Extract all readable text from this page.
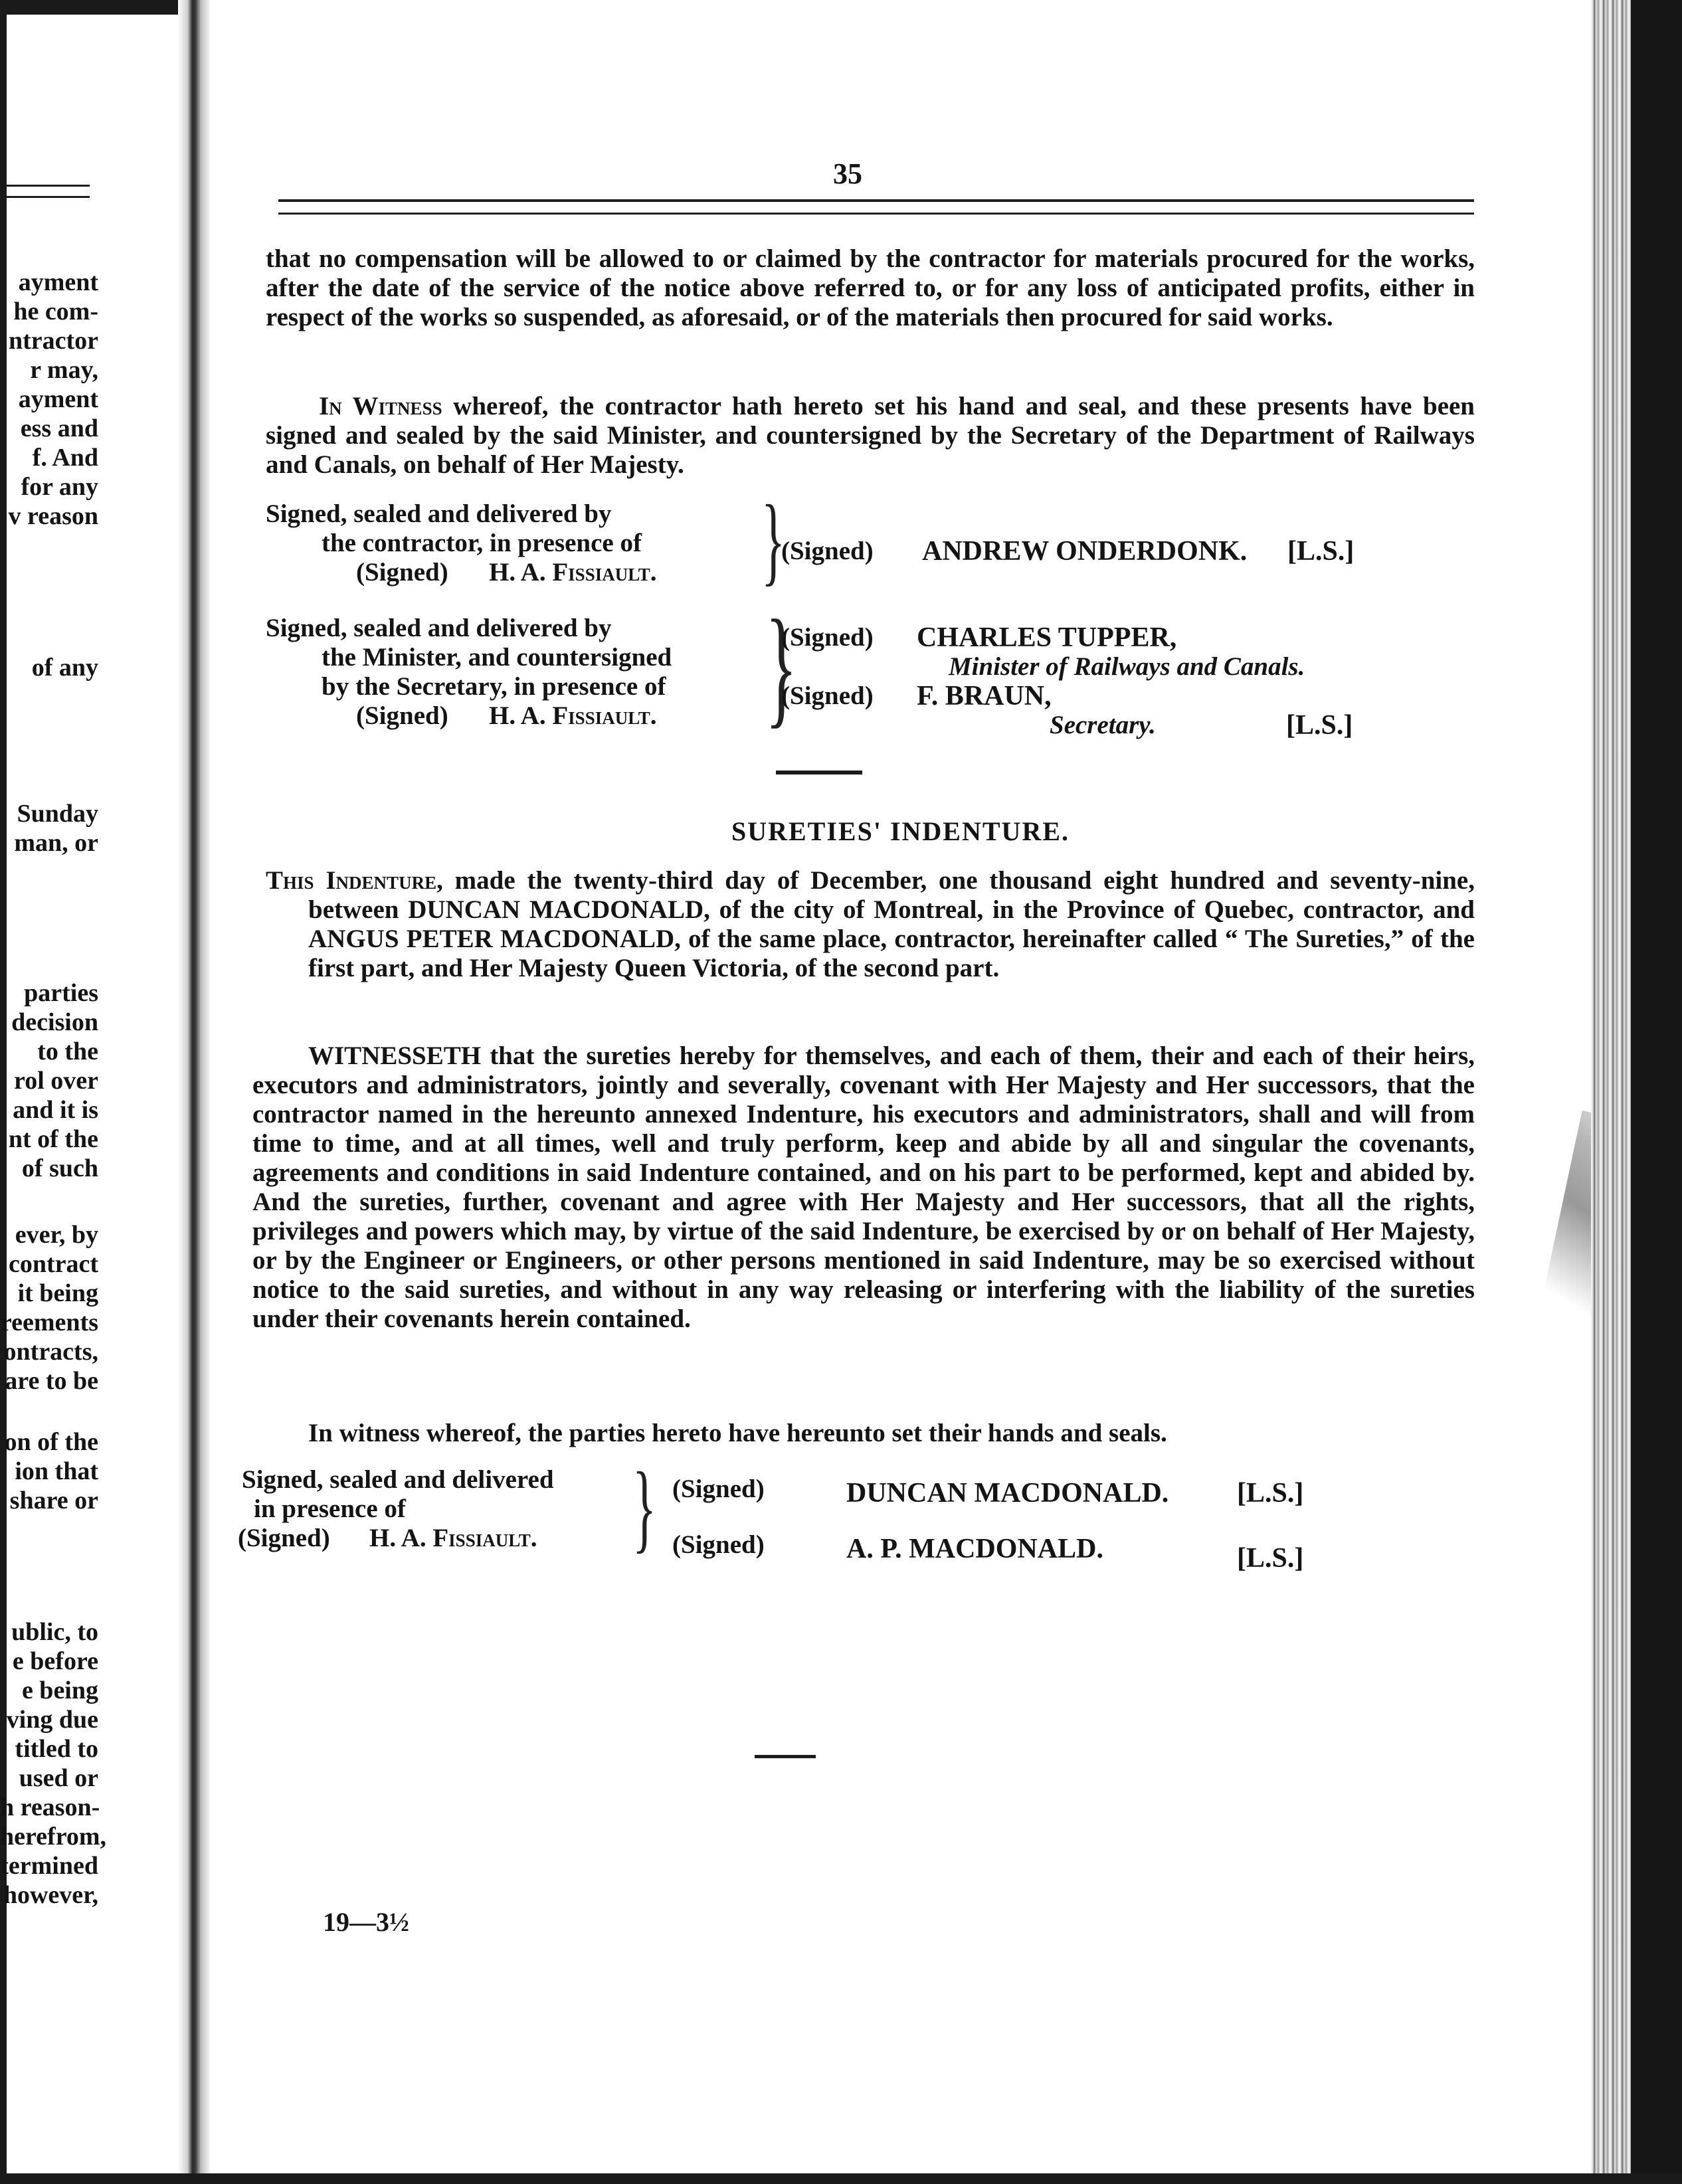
ayment
he com-
ntractor
r may,
ayment
ess and
f. And
for any
v reason
of any
Sunday
man, or
parties
decision
to the
rol over
and it is
nt of the
of such
ever, by
contract
it being
reements
ontracts,
are to be
on of the
ion that
share or
ublic, to
e before
e being
ving due
titled to
used or
h reason-
herefrom,
termined
however,
35

that no compensation will be allowed to or claimed by the contractor for materials procured for the works, after the date of the service of the notice above referred to, or for any loss of anticipated profits, either in respect of the works so suspended, as aforesaid, or of the materials then procured for said works.

In Witness whereof, the contractor hath hereto set his hand and seal, and these presents have been signed and sealed by the said Minister, and countersigned by the Secretary of the Department of Railways and Canals, on behalf of Her Majesty.

Signed, sealed and delivered by
the contractor, in presence of
(Signed) H. A. Fissiault. }
(Signed) ANDREW ONDERDONK. [L.S.]
Signed, sealed and delivered by
the Minister, and countersigned
by the Secretary, in presence of
(Signed) H. A. Fissiault. }
(Signed) CHARLES TUPPER,
Minister of Railways and Canals.
(Signed) F. BRAUN,
Secretary.	[L.S.]
SURETIES' INDENTURE.

This Indenture, made the twenty-third day of December, one thousand eight hundred and seventy-nine, between DUNCAN MACDONALD, of the city of Montreal, in the Province of Quebec, contractor, and ANGUS PETER MACDONALD, of the same place, contractor, hereinafter called “ The Sureties,” of the first part, and Her Majesty Queen Victoria, of the second part.

WITNESSETH that the sureties hereby for themselves, and each of them, their and each of their heirs, executors and administrators, jointly and severally, covenant with Her Majesty and Her successors, that the contractor named in the hereunto annexed Indenture, his executors and administrators, shall and will from time to time, and at all times, well and truly perform, keep and abide by all and singular the covenants, agreements and conditions in said Indenture contained, and on his part to be performed, kept and abided by. And the sureties, further, covenant and agree with Her Majesty and Her successors, that all the rights, privileges and powers which may, by virtue of the said Indenture, be exercised by or on behalf of Her Majesty, or by the Engineer or Engineers, or other persons mentioned in said Indenture, may be so exercised without notice to the said sureties, and without in any way releasing or interfering with the liability of the sureties under their covenants herein contained.

In witness whereof, the parties hereto have hereunto set their hands and seals.

Signed, sealed and delivered
in presence of
(Signed) H. A. Fissiault. } (Signed)	DUNCAN MACDONALD. [L.S.]
(Signed)	A. P. MACDONALD.	[L.S.]
19—3½
